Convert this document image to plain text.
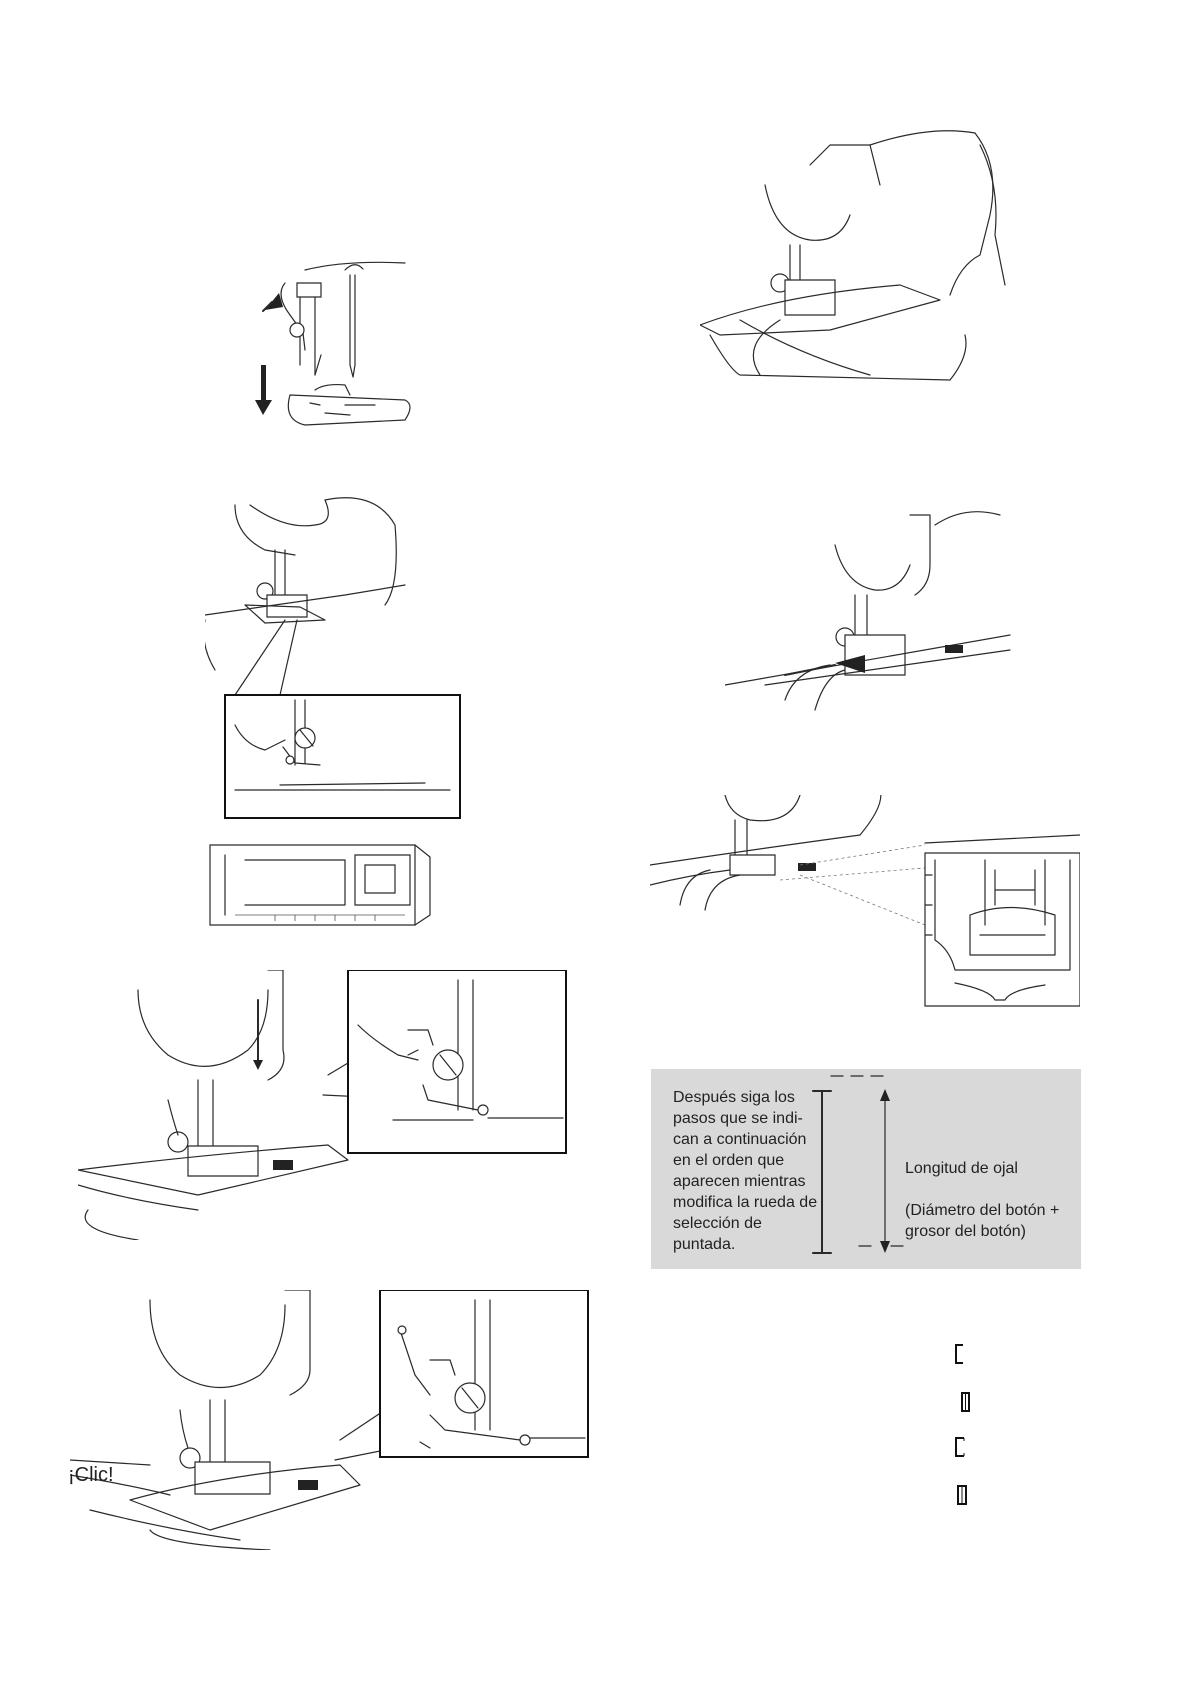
¡Clic!
Después siga los pasos que se indi-can a continuación en el orden que aparecen mientras modifica la rueda de selección de puntada.
Longitud de ojal
(Diámetro del botón + grosor del botón)
